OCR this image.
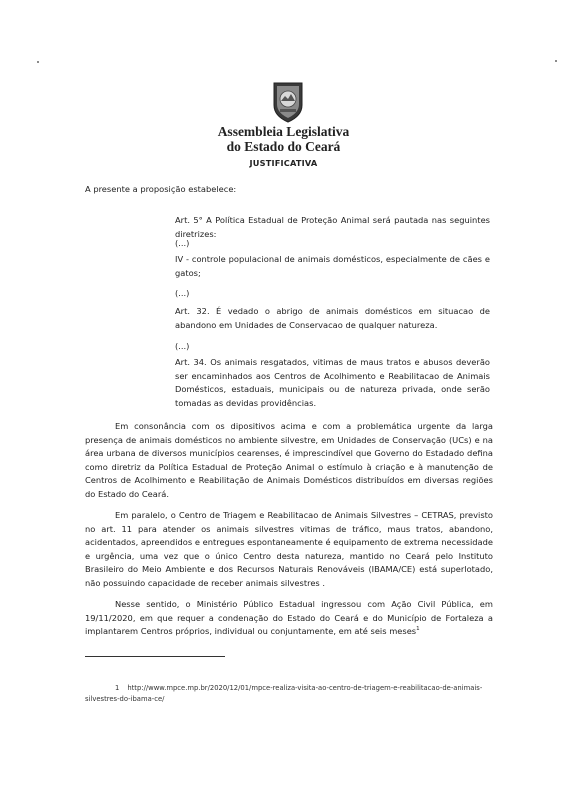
Assembleia Legislativa
do Estado do Ceará
JUSTIFICATIVA
A presente a proposição estabelece:
Art. 5° A Política Estadual de Proteção Animal será pautada nas seguintes diretrizes:
(...)
IV - controle populacional de animais domésticos, especialmente de cães e gatos;
(...)
Art. 32. É vedado o abrigo de animais domésticos em situacao de abandono em Unidades de Conservacao de qualquer natureza.
(...)
Art. 34. Os animais resgatados, vitimas de maus tratos e abusos deverão ser encaminhados aos Centros de Acolhimento e Reabilitacao de Animais Domésticos, estaduais, municipais ou de natureza privada, onde serão tomadas as devidas providências.
Em consonância com os dipositivos acima e com a problemática urgente da larga presença de animais domésticos no ambiente silvestre, em Unidades de Conservação (UCs) e na área urbana de diversos municípios cearenses, é imprescindível que Governo do Estadado defina como diretriz da Política Estadual de Proteção Animal o estímulo à criação e à manutenção de Centros de Acolhimento e Reabilitação de Animais Domésticos distribuídos em diversas regiões do Estado do Ceará.
Em paralelo, o Centro de Triagem e Reabilitacao de Animais Silvestres – CETRAS, previsto no art. 11 para atender os animais silvestres vitimas de tráfico, maus tratos, abandono, acidentados, apreendidos e entregues espontaneamente é equipamento de extrema necessidade e urgência, uma vez que o único Centro desta natureza, mantido no Ceará pelo Instituto Brasileiro do Meio Ambiente e dos Recursos Naturais Renováveis (IBAMA/CE) está superlotado, não possuindo capacidade de receber animais silvestres .
Nesse sentido, o Ministério Público Estadual ingressou com Ação Civil Pública, em 19/11/2020, em que requer a condenação do Estado do Ceará e do Município de Fortaleza a implantarem Centros próprios, individual ou conjuntamente, em até seis meses$^1$
1 http://www.mpce.mp.br/2020/12/01/mpce-realiza-visita-ao-centro-de-triagem-e-reabilitacao-de-animais-silvestres-do-ibama-ce/
